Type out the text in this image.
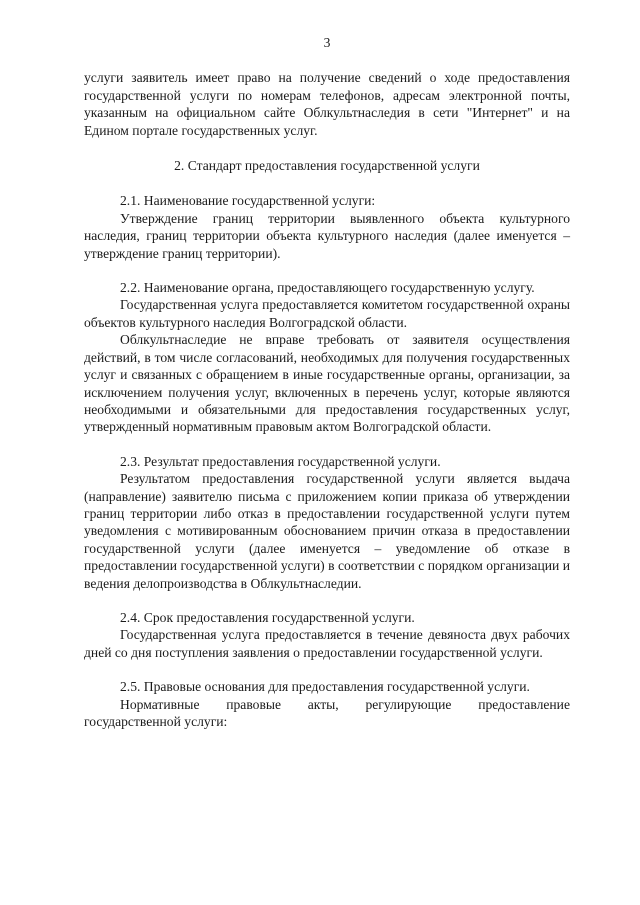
3

услуги заявитель имеет право на получение сведений о ходе предоставления государственной услуги по номерам телефонов, адресам электронной почты, указанным на официальном сайте Облкультнаследия в сети "Интернет" и на Едином портале государственных услуг.

2. Стандарт предоставления государственной услуги

2.1. Наименование государственной услуги:

Утверждение границ территории выявленного объекта культурного наследия, границ территории объекта культурного наследия (далее именуется – утверждение границ территории).

2.2. Наименование органа, предоставляющего государственную услугу.

Государственная услуга предоставляется комитетом государственной охраны объектов культурного наследия Волгоградской области.

Облкультнаследие не вправе требовать от заявителя осуществления действий, в том числе согласований, необходимых для получения государственных услуг и связанных с обращением в иные государственные органы, организации, за исключением получения услуг, включенных в перечень услуг, которые являются необходимыми и обязательными для предоставления государственных услуг, утвержденный нормативным правовым актом Волгоградской области.

2.3. Результат предоставления государственной услуги.

Результатом предоставления государственной услуги является выдача (направление) заявителю письма с приложением копии приказа об утверждении границ территории либо отказ в предоставлении государственной услуги путем уведомления с мотивированным обоснованием причин отказа в предоставлении государственной услуги (далее именуется – уведомление об отказе в предоставлении государственной услуги) в соответствии с порядком организации и ведения делопроизводства в Облкультнаследии.

2.4. Срок предоставления государственной услуги.

Государственная услуга предоставляется в течение девяноста двух рабочих дней со дня поступления заявления о предоставлении государственной услуги.

2.5. Правовые основания для предоставления государственной услуги.

Нормативные правовые акты, регулирующие предоставление государственной услуги:
